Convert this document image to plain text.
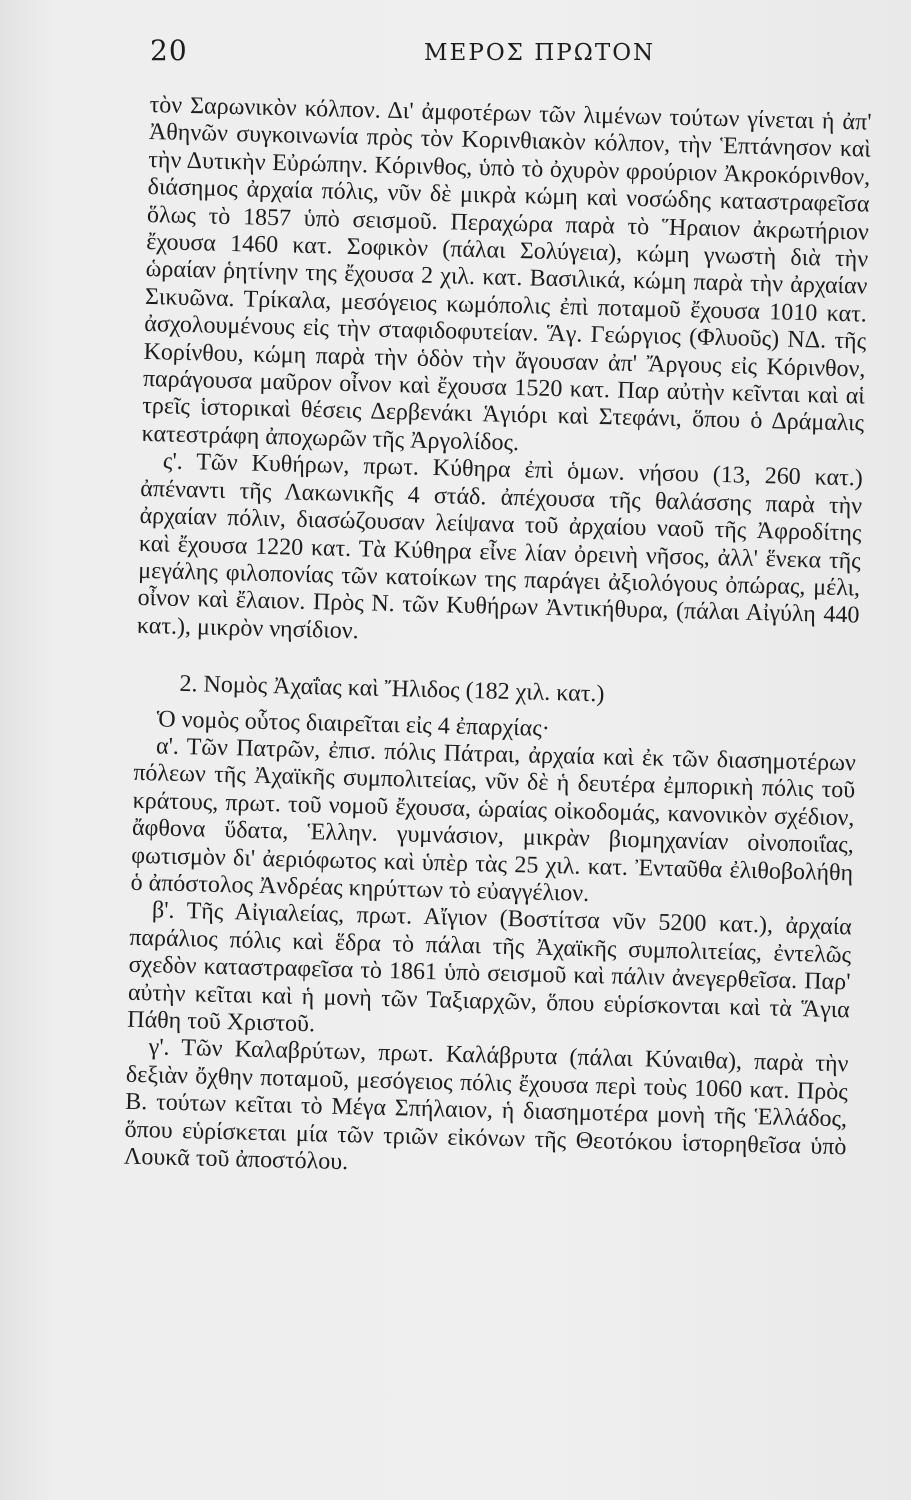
20	ΜΕΡΟΣ ΠΡΩΤΟΝ

τὸν Σαρωνικὸν κόλπον. Δι' ἀμφοτέρων τῶν λιμένων τούτων γίνεται ἡ ἀπ' Ἀθηνῶν συγκοινωνία πρὸς τὸν Κορινθιακὸν κόλπον, τὴν Ἑπτάνησον καὶ τὴν Δυτικὴν Εὐρώπην. Κόρινθος, ὑπὸ τὸ ὀχυρὸν φρούριον Ἀκροκόρινθον, διάσημος ἀρχαία πόλις, νῦν δὲ μικρὰ κώμη καὶ νοσώδης καταστραφεῖσα ὅλως τὸ 1857 ὑπὸ σεισμοῦ. Περαχώρα παρὰ τὸ Ἥραιον ἀκρωτήριον ἔχουσα 1460 κατ. Σοφικὸν (πάλαι Σολύγεια), κώμη γνωστὴ διὰ τὴν ὡραίαν ῥητίνην της ἔχουσα 2 χιλ. κατ. Βασιλικά, κώμη παρὰ τὴν ἀρχαίαν Σικυῶνα. Τρίκαλα, μεσόγειος κωμόπολις ἐπὶ ποταμοῦ ἔχουσα 1010 κατ. ἀσχολουμένους εἰς τὴν σταφιδοφυτείαν. Ἅγ. Γεώργιος (Φλυοῦς) ΝΔ. τῆς Κορίνθου, κώμη παρὰ τὴν ὁδὸν τὴν ἄγουσαν ἀπ' Ἄργους εἰς Κόρινθον, παράγουσα μαῦρον οἶνον καὶ ἔχουσα 1520 κατ. Παρ αὐτὴν κεῖνται καὶ αἱ τρεῖς ἱστορικαὶ θέσεις Δερβενάκι Ἁγιόρι καὶ Στεφάνι, ὅπου ὁ Δράμαλις κατεστράφη ἀποχωρῶν τῆς Ἀργολίδος.

ς'. Τῶν Κυθήρων, πρωτ. Κύθηρα ἐπὶ ὁμων. νήσου (13, 260 κατ.) ἀπέναντι τῆς Λακωνικῆς 4 στάδ. ἀπέχουσα τῆς θαλάσσης παρὰ τὴν ἀρχαίαν πόλιν, διασώζουσαν λείψανα τοῦ ἀρχαίου ναοῦ τῆς Ἀφροδίτης καὶ ἔχουσα 1220 κατ. Τὰ Κύθηρα εἶνε λίαν ὀρεινὴ νῆσος, ἀλλ' ἕνεκα τῆς μεγάλης φιλοπονίας τῶν κατοίκων της παράγει ἀξιολόγους ὀπώρας, μέλι, οἶνον καὶ ἔλαιον. Πρὸς Ν. τῶν Κυθήρων Ἀντικήθυρα, (πάλαι Αἰγύλη 440 κατ.), μικρὸν νησίδιον.

2. Νομὸς Ἀχαΐας καὶ Ἤλιδος (182 χιλ. κατ.)

Ὁ νομὸς οὗτος διαιρεῖται εἰς 4 ἐπαρχίας·

α'. Τῶν Πατρῶν, ἐπισ. πόλις Πάτραι, ἀρχαία καὶ ἐκ τῶν διασημοτέρων πόλεων τῆς Ἀχαϊκῆς συμπολιτείας, νῦν δὲ ἡ δευτέρα ἐμπορικὴ πόλις τοῦ κράτους, πρωτ. τοῦ νομοῦ ἔχουσα, ὡραίας οἰκοδομάς, κανονικὸν σχέδιον, ἄφθονα ὕδατα, Ἑλλην. γυμνάσιον, μικρὰν βιομηχανίαν οἰνοποιΐας, φωτισμὸν δι' ἀεριόφωτος καὶ ὑπὲρ τὰς 25 χιλ. κατ. Ἐνταῦθα ἐλιθοβολήθη ὁ ἀπόστολος Ἀνδρέας κηρύττων τὸ εὐαγγέλιον.

β'. Τῆς Αἰγιαλείας, πρωτ. Αἴγιον (Βοστίτσα νῦν 5200 κατ.), ἀρχαία παράλιος πόλις καὶ ἕδρα τὸ πάλαι τῆς Ἀχαϊκῆς συμπολιτείας, ἐντελῶς σχεδὸν καταστραφεῖσα τὸ 1861 ὑπὸ σεισμοῦ καὶ πάλιν ἀνεγερθεῖσα. Παρ' αὐτὴν κεῖται καὶ ἡ μονὴ τῶν Ταξιαρχῶν, ὅπου εὑρίσκονται καὶ τὰ Ἅγια Πάθη τοῦ Χριστοῦ.

γ'. Τῶν Καλαβρύτων, πρωτ. Καλάβρυτα (πάλαι Κύναιθα), παρὰ τὴν δεξιὰν ὄχθην ποταμοῦ, μεσόγειος πόλις ἔχουσα περὶ τοὺς 1060 κατ. Πρὸς Β. τούτων κεῖται τὸ Μέγα Σπήλαιον, ἡ διασημοτέρα μονὴ τῆς Ἑλλάδος, ὅπου εὑρίσκεται μία τῶν τριῶν εἰκόνων τῆς Θεοτόκου ἱστορηθεῖσα ὑπὸ Λουκᾶ τοῦ ἀποστόλου.
